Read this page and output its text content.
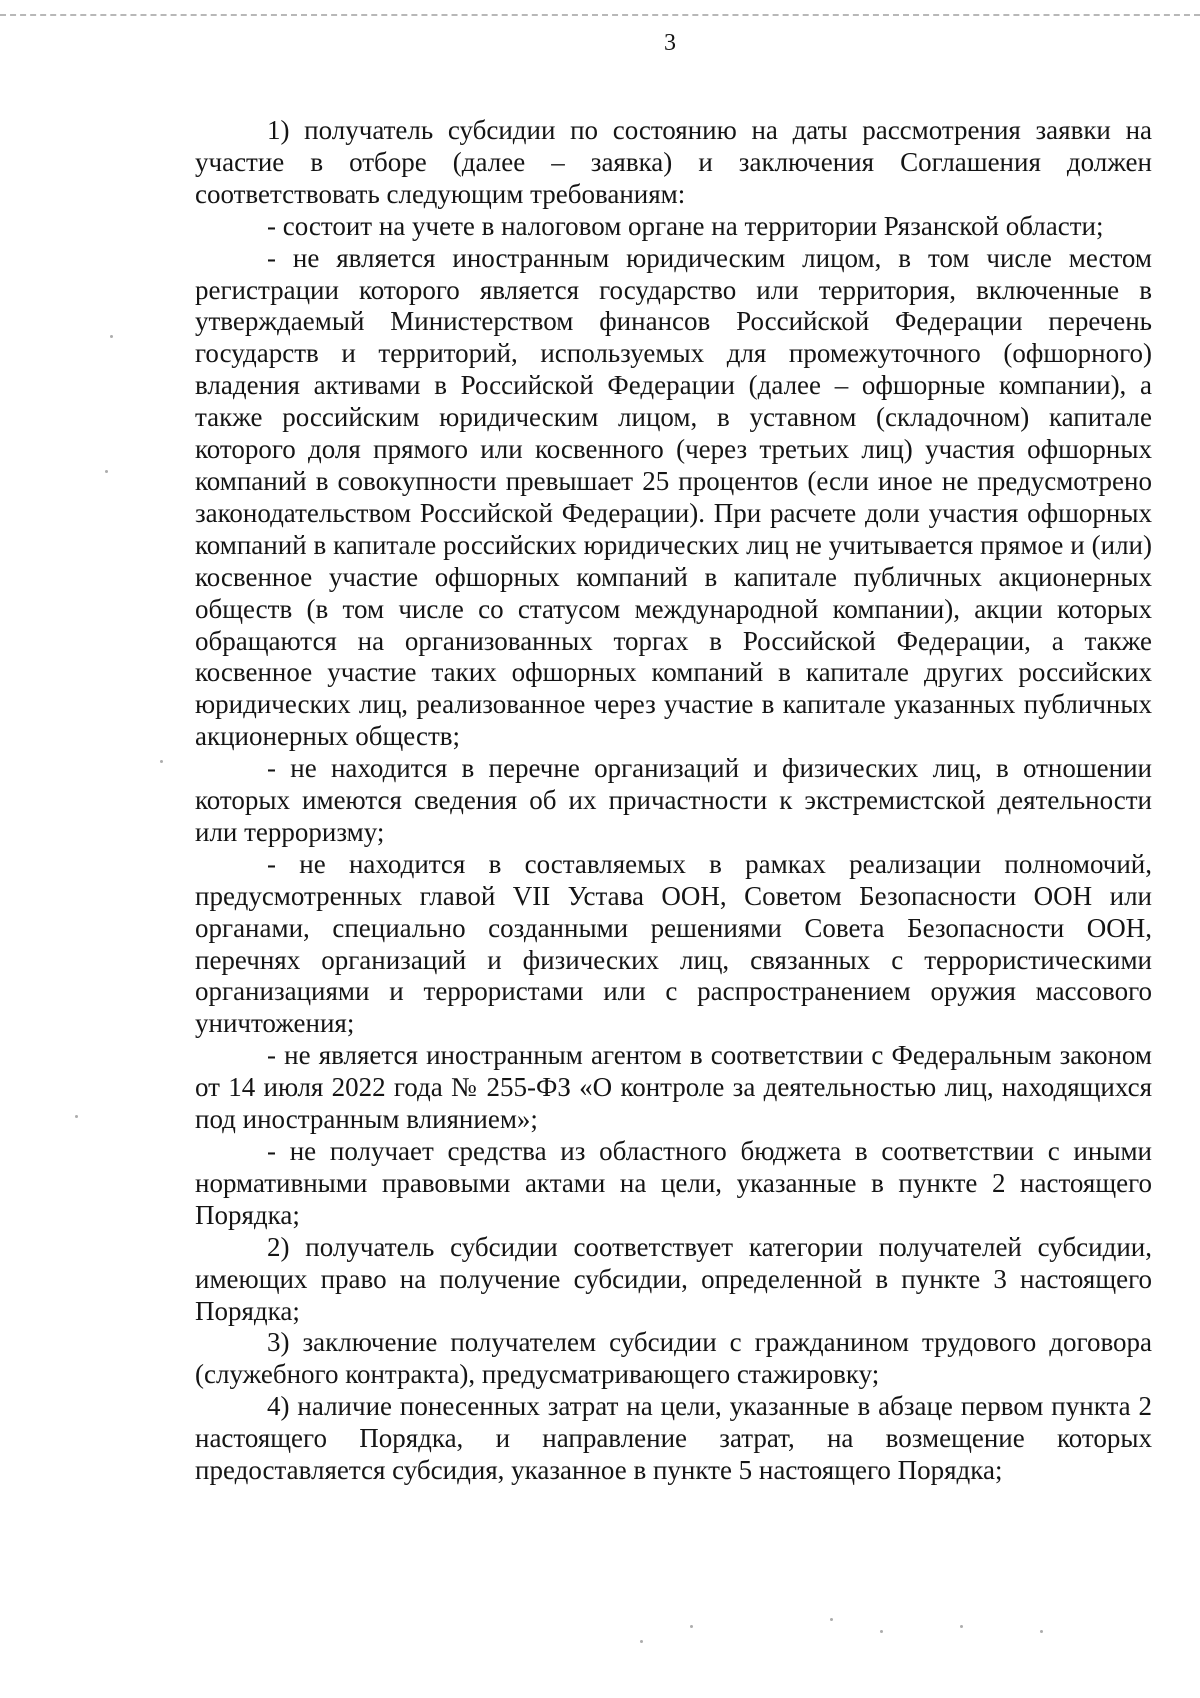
3

1) получатель субсидии по состоянию на даты рассмотрения заявки на участие в отборе (далее – заявка) и заключения Соглашения должен соответствовать следующим требованиям:

- состоит на учете в налоговом органе на территории Рязанской области;

- не является иностранным юридическим лицом, в том числе местом регистрации которого является государство или территория, включенные в утверждаемый Министерством финансов Российской Федерации перечень государств и территорий, используемых для промежуточного (офшорного) владения активами в Российской Федерации (далее – офшорные компании), а также российским юридическим лицом, в уставном (складочном) капитале которого доля прямого или косвенного (через третьих лиц) участия офшорных компаний в совокупности превышает 25 процентов (если иное не предусмотрено законодательством Российской Федерации). При расчете доли участия офшорных компаний в капитале российских юридических лиц не учитывается прямое и (или) косвенное участие офшорных компаний в капитале публичных акционерных обществ (в том числе со статусом международной компании), акции которых обращаются на организованных торгах в Российской Федерации, а также косвенное участие таких офшорных компаний в капитале других российских юридических лиц, реализованное через участие в капитале указанных публичных акционерных обществ;

- не находится в перечне организаций и физических лиц, в отношении которых имеются сведения об их причастности к экстремистской деятельности или терроризму;

- не находится в составляемых в рамках реализации полномочий, предусмотренных главой VII Устава ООН, Советом Безопасности ООН или органами, специально созданными решениями Совета Безопасности ООН, перечнях организаций и физических лиц, связанных с террористическими организациями и террористами или с распространением оружия массового уничтожения;

- не является иностранным агентом в соответствии с Федеральным законом от 14 июля 2022 года № 255-ФЗ «О контроле за деятельностью лиц, находящихся под иностранным влиянием»;

- не получает средства из областного бюджета в соответствии с иными нормативными правовыми актами на цели, указанные в пункте 2 настоящего Порядка;

2) получатель субсидии соответствует категории получателей субсидии, имеющих право на получение субсидии, определенной в пункте 3 настоящего Порядка;

3) заключение получателем субсидии с гражданином трудового договора (служебного контракта), предусматривающего стажировку;

4) наличие понесенных затрат на цели, указанные в абзаце первом пункта 2 настоящего Порядка, и направление затрат, на возмещение которых предоставляется субсидия, указанное в пункте 5 настоящего Порядка;
